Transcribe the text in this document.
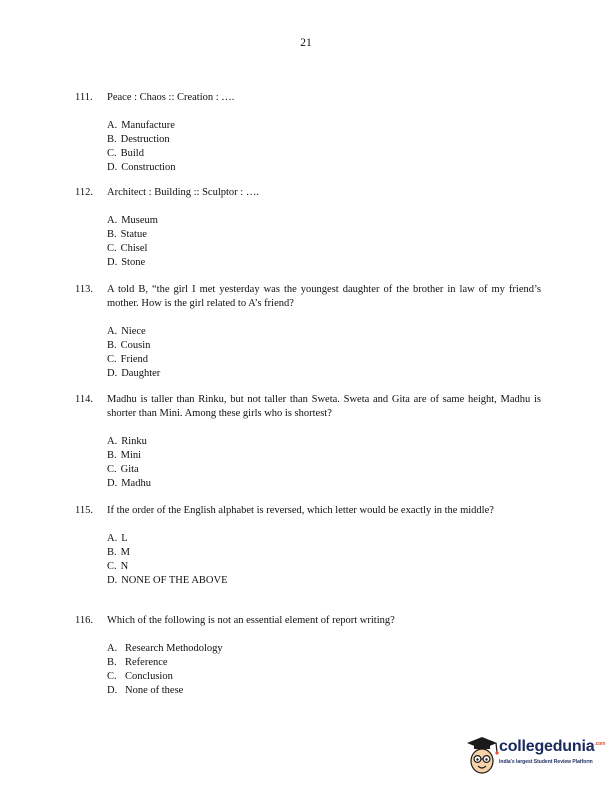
21
111.	Peace : Chaos :: Creation : ….
A. Manufacture
B. Destruction
C. Build
D. Construction
112.	Architect : Building :: Sculptor : ….
A. Museum
B. Statue
C. Chisel
D. Stone
113.	A told B, “the girl I met yesterday was the youngest daughter of the brother in law of my friend’s mother. How is the girl related to A’s friend?
A. Niece
B. Cousin
C. Friend
D. Daughter
114.	Madhu is taller than Rinku, but not taller than Sweta. Sweta and Gita are of same height, Madhu is shorter than Mini. Among these girls who is shortest?
A. Rinku
B. Mini
C. Gita
D. Madhu
115.	If the order of the English alphabet is reversed, which letter would be exactly in the middle?
A. L
B. M
C. N
D. NONE OF THE ABOVE
116.	Which of the following is not an essential element of report writing?
A. Research Methodology
B. Reference
C. Conclusion
D. None of these
collegedunia$^{.com}$
India's largest Student Review Platform
